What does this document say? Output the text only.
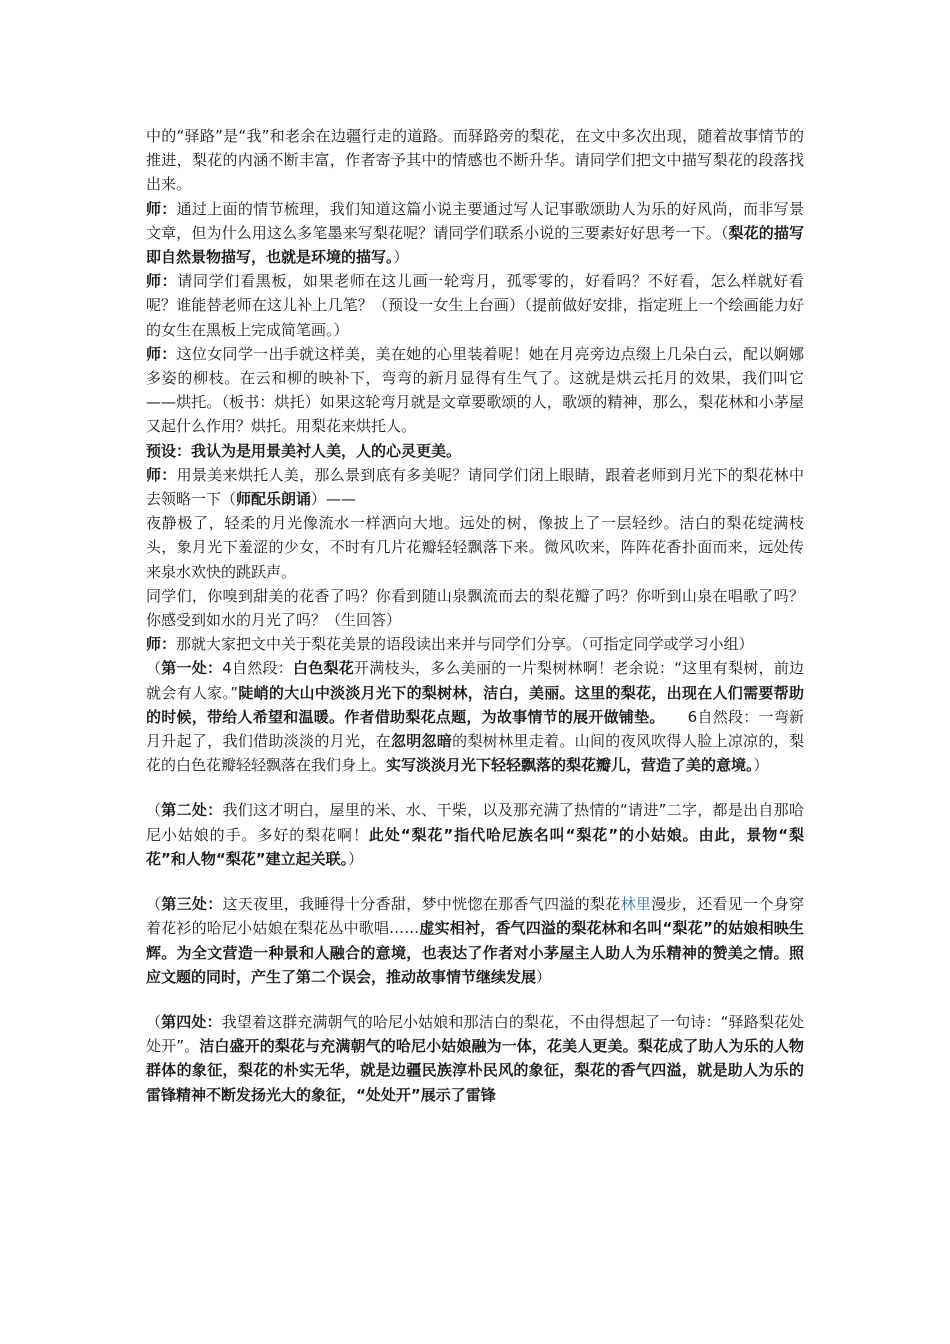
中的“驿路”是“我”和老余在边疆行走的道路。而驿路旁的梨花，在文中多次出现，随着故事情节的推进，梨花的内涵不断丰富，作者寄予其中的情感也不断升华。请同学们把文中描写梨花的段落找出来。

师：通过上面的情节梳理，我们知道这篇小说主要通过写人记事歌颂助人为乐的好风尚，而非写景文章，但为什么用这么多笔墨来写梨花呢？请同学们联系小说的三要素好好思考一下。（梨花的描写即自然景物描写，也就是环境的描写。）

师：请同学们看黑板，如果老师在这儿画一轮弯月，孤零零的，好看吗？不好看，怎么样就好看呢？谁能替老师在这儿补上几笔？（预设一女生上台画）（提前做好安排，指定班上一个绘画能力好的女生在黑板上完成简笔画。）

师：这位女同学一出手就这样美，美在她的心里装着呢！她在月亮旁边点缀上几朵白云，配以婀娜多姿的柳枝。在云和柳的映补下，弯弯的新月显得有生气了。这就是烘云托月的效果，我们叫它——烘托。（板书：烘托）如果这轮弯月就是文章要歌颂的人，歌颂的精神，那么，梨花林和小茅屋又起什么作用？烘托。用梨花来烘托人。

预设：我认为是用景美衬人美，人的心灵更美。

师：用景美来烘托人美，那么景到底有多美呢？请同学们闭上眼睛，跟着老师到月光下的梨花林中去领略一下（师配乐朗诵）——

夜静极了，轻柔的月光像流水一样洒向大地。远处的树，像披上了一层轻纱。洁白的梨花绽满枝头，象月光下羞涩的少女，不时有几片花瓣轻轻飘落下来。微风吹来，阵阵花香扑面而来，远处传来泉水欢快的跳跃声。

同学们，你嗅到甜美的花香了吗？你看到随山泉飘流而去的梨花瓣了吗？你听到山泉在唱歌了吗？你感受到如水的月光了吗？（生回答）

师：那就大家把文中关于梨花美景的语段读出来并与同学们分享。（可指定同学或学习小组）

（第一处：4自然段：白色梨花开满枝头，多么美丽的一片梨树林啊！老余说：“这里有梨树，前边就会有人家。”陡峭的大山中淡淡月光下的梨树林，洁白，美丽。这里的梨花，出现在人们需要帮助的时候，带给人希望和温暖。作者借助梨花点题，为故事情节的展开做铺垫。　　6自然段：一弯新月升起了，我们借助淡淡的月光，在忽明忽暗的梨树林里走着。山间的夜风吹得人脸上凉凉的，梨花的白色花瓣轻轻飘落在我们身上。实写淡淡月光下轻轻飘落的梨花瓣儿，营造了美的意境。）

（第二处：我们这才明白，屋里的米、水、干柴，以及那充满了热情的“请进”二字，都是出自那哈尼小姑娘的手。多好的梨花啊！此处“梨花”指代哈尼族名叫“梨花”的小姑娘。由此，景物“梨花”和人物“梨花”建立起关联。）

（第三处：这天夜里，我睡得十分香甜，梦中恍惚在那香气四溢的梨花林里漫步，还看见一个身穿着花衫的哈尼小姑娘在梨花丛中歌唱……虚实相衬，香气四溢的梨花林和名叫“梨花”的姑娘相映生辉。为全文营造一种景和人融合的意境，也表达了作者对小茅屋主人助人为乐精神的赞美之情。照应文题的同时，产生了第二个误会，推动故事情节继续发展）

（第四处：我望着这群充满朝气的哈尼小姑娘和那洁白的梨花，不由得想起了一句诗：“驿路梨花处处开”。洁白盛开的梨花与充满朝气的哈尼小姑娘融为一体，花美人更美。梨花成了助人为乐的人物群体的象征，梨花的朴实无华，就是边疆民族淳朴民风的象征，梨花的香气四溢，就是助人为乐的雷锋精神不断发扬光大的象征，“处处开”展示了雷锋
